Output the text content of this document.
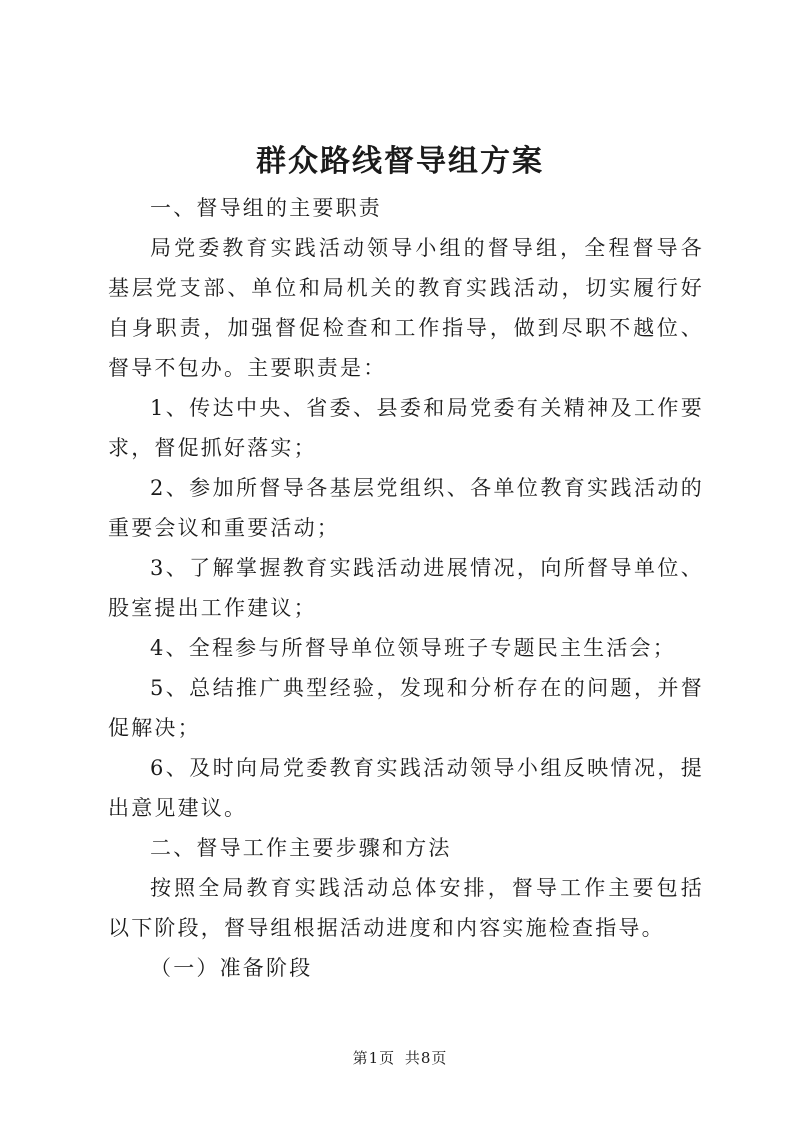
群众路线督导组方案

一、督导组的主要职责

局党委教育实践活动领导小组的督导组，全程督导各基层党支部、单位和局机关的教育实践活动，切实履行好自身职责，加强督促检查和工作指导，做到尽职不越位、督导不包办。主要职责是：

1、传达中央、省委、县委和局党委有关精神及工作要求，督促抓好落实；

2、参加所督导各基层党组织、各单位教育实践活动的重要会议和重要活动；

3、了解掌握教育实践活动进展情况，向所督导单位、股室提出工作建议；

4、全程参与所督导单位领导班子专题民主生活会；

5、总结推广典型经验，发现和分析存在的问题，并督促解决；

6、及时向局党委教育实践活动领导小组反映情况，提出意见建议。

二、督导工作主要步骤和方法

按照全局教育实践活动总体安排，督导工作主要包括以下阶段，督导组根据活动进度和内容实施检查指导。

（一）准备阶段

第1页 共8页
